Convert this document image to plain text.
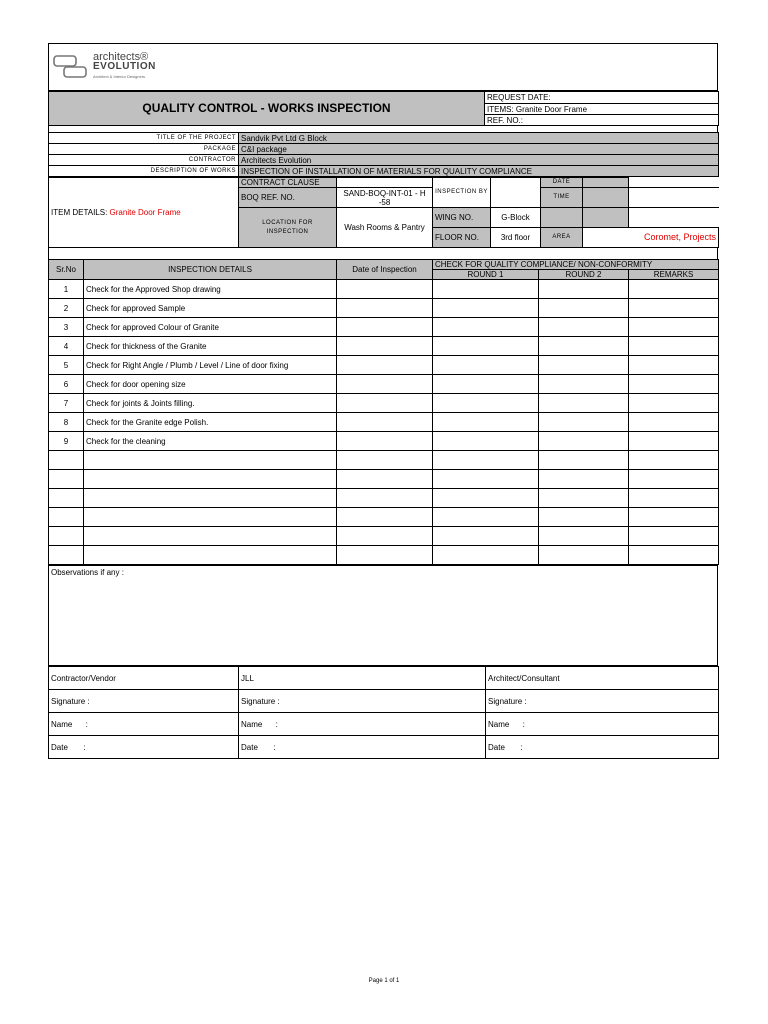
architects®
EVOLUTION
Architect & Interior Designers
QUALITY CONTROL - WORKS INSPECTION	REQUEST DATE:
ITEMS: Granite Door Frame
REF. NO.:
TITLE OF THE PROJECT	Sandvik Pvt Ltd G Block
PACKAGE	C&I package
CONTRACTOR	Architects Evolution
DESCRIPTION OF WORKS	INSPECTION OF INSTALLATION OF MATERIALS FOR QUALITY COMPLIANCE
ITEM DETAILS: Granite Door Frame	CONTRACT CLAUSE		INSPECTION BY		DATE		
	BOQ REF. NO.	SAND-BOQ-INT-01 - H -58			TIME		
	LOCATION FOR INSPECTION	Wash Rooms & Pantry	WING NO.	G-Block			
			FLOOR NO.	3rd floor	AREA	Coromet, Projects	
Sr.No	INSPECTION DETAILS	Date of Inspection	CHECK FOR QUALITY COMPLIANCE/ NON-CONFORMITY		
			ROUND 1	ROUND 2	REMARKS
1	Check for the Approved Shop drawing				
2	Check for approved Sample				
3	Check for approved Colour of Granite				
4	Check for thickness of the Granite				
5	Check for Right Angle / Plumb / Level / Line of door fixing				
6	Check for door opening size				
7	Check for joints & Joints filling.				
8	Check for the Granite edge Polish.				
9	Check for the cleaning				

Observations if any :
Contractor/Vendor	JLL	Architect/Consultant
Signature :	Signature :	Signature :
Name      :	Name      :	Name      :
Date       :	Date       :	Date       :
Page 1 of 1
